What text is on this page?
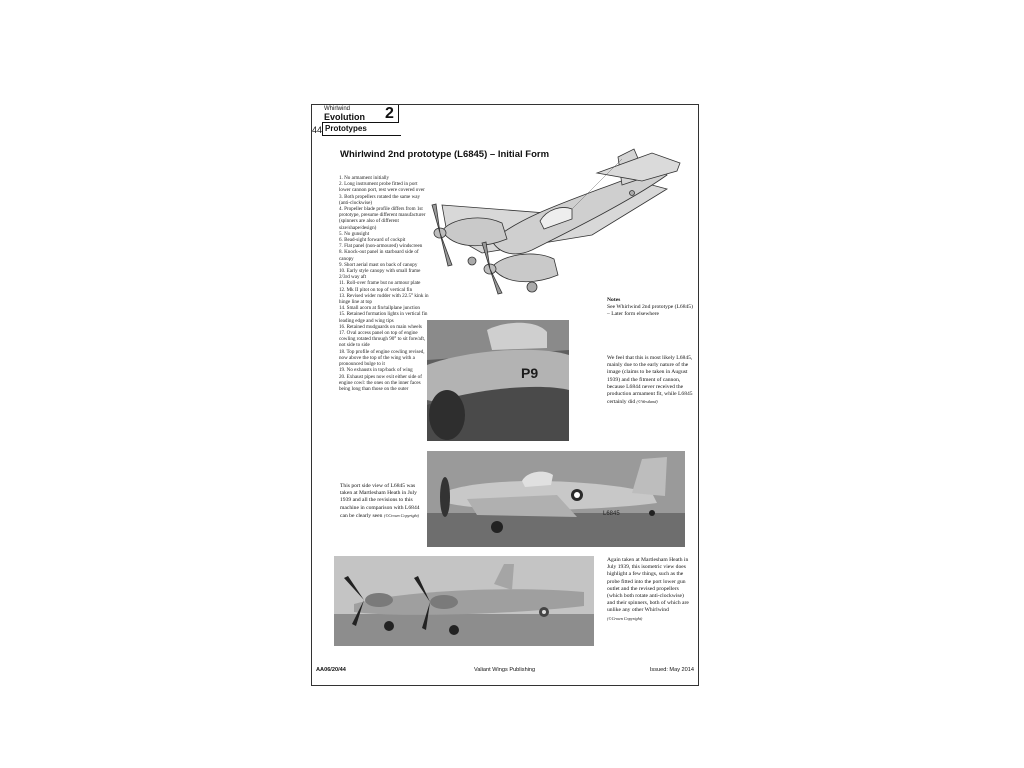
Whirlwind
Evolution 2
44 Prototypes
Whirlwind 2nd prototype (L6845) – Initial Form
1. No armament initially
2. Long instrument probe fitted in port lower cannon port, rest were covered over
3. Both propellers rotated the same way (anti-clockwise)
4. Propeller blade profile differs from 1st prototype, presume different manufacturer (spinners are also of different size/shape/design)
5. No gunsight
6. Bead-sight forward of cockpit
7. Flat panel (non-armoured) windscreen
8. Knock-out panel in starboard side of canopy
9. Short aerial mast on back of canopy
10. Early style canopy with small frame 2/3rd way aft
11. Roll-over frame but no armour plate
12. Mk II pitot on top of vertical fin
13. Revised wider rudder with 22.5° kink in hinge line at top
14. Small acorn at fin/tailplane junction
15. Retained formation lights in vertical fin leading edge and wing tips
16. Retained mudguards on main wheels
17. Oval access panel on top of engine cowling rotated through 90° to sit fore/aft, not side to side
18. Top profile of engine cowling revised, now above the top of the wing with a pronounced bulge to it
19. No exhausts in top/back of wing
20. Exhaust pipes now exit either side of engine cowl: the ones on the inner faces being long than those on the outer
P9
L6845
Notes
See Whirlwind 2nd prototype (L6845) – Later form elsewhere
We feel that this is most likely L6845, mainly due to the early nature of the image (claims to be taken in August 1939) and the fitment of cannon, because L6844 never received the production armament fit, while L6845 certainly did (©Westland)
This port side view of L6845 was taken at Martlesham Heath in July 1939 and all the revisions to this machine in comparison with L6844 can be clearly seen (©Crown Copyright)
Again taken at Martlesham Heath in July 1939, this isometric view does highlight a few things, such as the probe fitted into the port lower gun outlet and the revised propellers (which both rotate anti-clockwise) and their spinners, both of which are unlike any other Whirlwind
(©Crown Copyright)
AA06/20/44	Valiant Wings Publishing	Issued: May 2014
